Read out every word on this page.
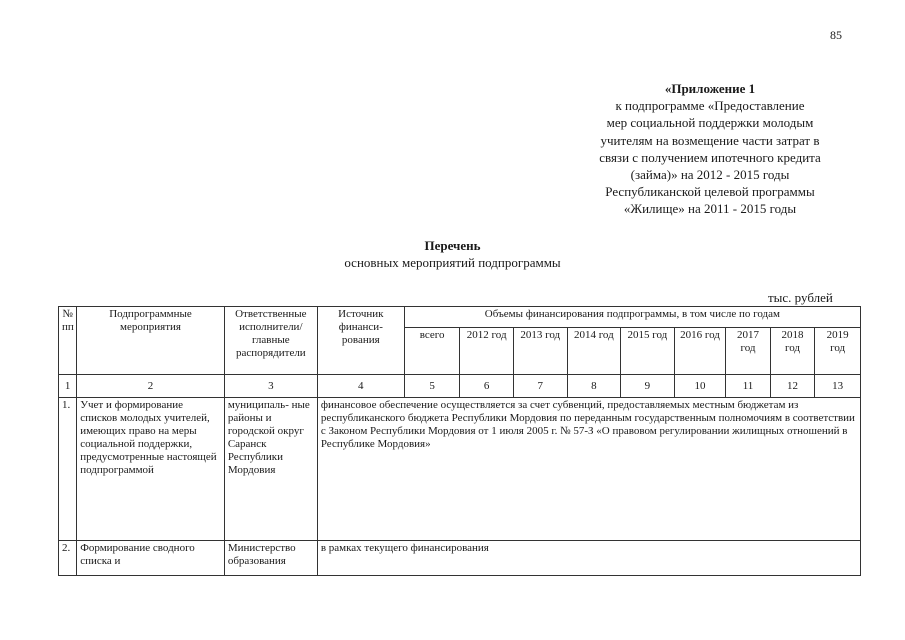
85
«Приложение 1
к подпрограмме «Предоставление
мер социальной поддержки молодым
учителям на возмещение части затрат в
связи с получением ипотечного кредита
(займа)» на 2012 - 2015 годы
Республиканской целевой программы
«Жилище» на 2011 - 2015 годы
Перечень
основных мероприятий подпрограммы
тыс. рублей
№ пп	Подпрограммные мероприятия	Ответственные исполнители/ главные распорядители	Источник финанси- рования	Объемы финансирования подпрограммы, в том числе по годам								
				всего	2012 год	2013 год	2014 год	2015 год	2016 год	2017 год	2018 год	2019 год
1	2	3	4	5	6	7	8	9	10	11	12	13
1.	Учет и формирование списков молодых учителей, имеющих право на меры социальной поддержки, предусмотренные настоящей подпрограммой	муниципаль- ные районы и городской округ Саранск Республики Мордовия	финансовое обеспечение осуществляется за счет субвенций, предоставляемых местным бюджетам из республиканского бюджета Республики Мордовия по переданным государственным полномочиям в соответствии с Законом Республики Мордовия от 1 июля 2005 г. № 57-З «О правовом регулировании жилищных отношений в Республике Мордовия»									
2.	Формирование сводного списка и	Министерство образования	в рамках текущего финансирования									
